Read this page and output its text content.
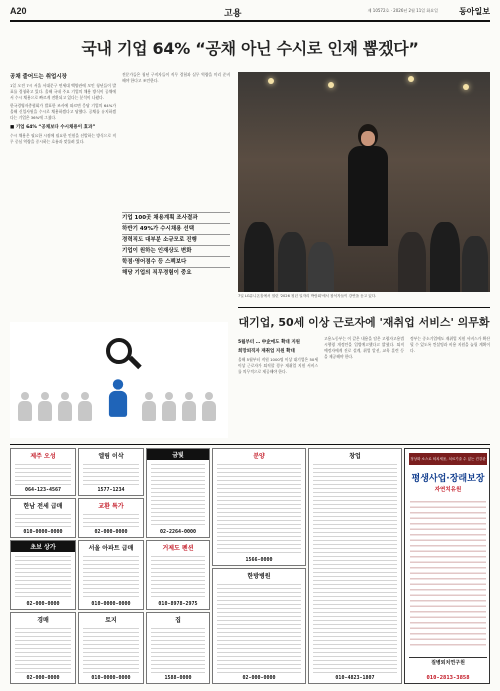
A20	고용	제 10572호 · 2026년 2월 11일 화요일	동아일보
국내 기업 64% “공채 아닌 수시로 인재 뽑겠다”
공채 줄어드는 취업시장

1일 오전 7시 서울 서대문구 연세대 백양관에 모인 청년들이 발표를 경청하고 있다. 올해 국내 주요 기업의 채용 방식이 공채에서 수시 채용으로 빠르게 전환되고 있다는 분석이 나왔다.

한국경영자총협회가 발표한 조사에 따르면 응답 기업의 64%가 올해 신입사원을 수시로 채용하겠다고 답했다. 공채를 유지하겠다는 기업은 36%에 그쳤다.

■ 기업 64% “공채보다 수시채용이 효과”

수시 채용은 필요한 시점에 필요한 인원을 선발하는 방식으로 직무 중심 역량을 중시하는 흐름과 맞물려 있다.

전문가들은 청년 구직자들이 직무 경험과 실무 역량을 미리 준비해야 한다고 조언한다.

7일 LG유니온홀에서 열린 '2026 청년 일자리 박람회'에서 참석자들이 강연을 듣고 있다.
기업 100곳 채용계획 조사결과
하반기 49%가 수시채용 선택
경력직도 대부분 소규모로 진행
기업이 원하는 인재상도 변화
학점·영어점수 등 스펙보다
해당 기업의 직무경험이 중요
대기업, 50세 이상 근로자에 '재취업 서비스' 의무화
5월부터 … 中企에도 확대 지원
희망퇴직자 재취업 지원 확대

올해 5월부터 직원 1000명 이상 대기업은 50세 이상 근로자가 퇴직할 경우 재취업 지원 서비스를 의무적으로 제공해야 한다.

고용노동부는 이 같은 내용을 담은 고령자고용법 시행령 개정안을 입법예고했다고 밝혔다. 퇴직 예정자에게 진로 설계, 취업 알선, 교육 훈련 등을 제공해야 한다.

정부는 중소기업에도 재취업 지원 서비스가 확산될 수 있도록 컨설팅과 비용 지원을 늘릴 계획이다.

제주 오성
064-123-4567
한남 전세 급매
010-0000-0000
초보 상가
02-000-0000
경매
02-000-0000
엘림 이삭
1577-1234
교환 특가
02-000-0000
서울 아파트 급매
010-0000-0000
토지
010-0000-0000
금빛
02-2264-0000
거제도 펜션
010-8978-2975
집
1588-0000
분양
1566-0000
한방병원
02-000-0000
창업
010-4823-1807
정상화 소스로 퇴치세움, 치료기술 수 있는 건강관리비 자연치유
평생사업·장래보장
자연치유원
질병퇴치연구원
010-2813-3858
